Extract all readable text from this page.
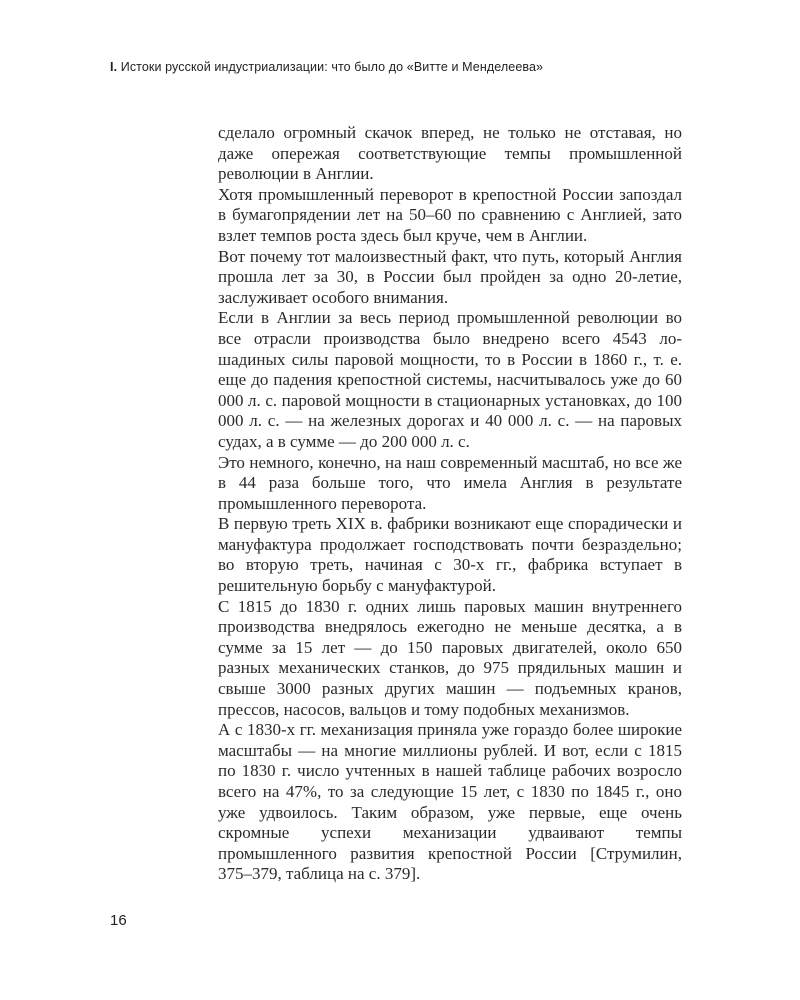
I. Истоки русской индустриализации: что было до «Витте и Менделеева»

сделало огромный скачок вперед, не только не отставая, но даже опережая соответствующие темпы промышленной революции в Англии.

Хотя промышленный переворот в крепостной России запоздал в бумагопрядении лет на 50–60 по сравнению с Англией, зато взлет темпов роста здесь был круче, чем в Англии.

Вот почему тот малоизвестный факт, что путь, который Англия прошла лет за 30, в России был пройден за одно 20-летие, заслуживает особого внимания.

Если в Англии за весь период промышленной революции во все отрасли производства было внедрено всего 4543 лошадиных силы паровой мощности, то в России в 1860 г., т. е. еще до падения крепостной системы, насчитывалось уже до 60 000 л. с. паровой мощности в стационарных установках, до 100 000 л. с. — на железных дорогах и 40 000 л. с. — на паровых судах, а в сумме — до 200 000 л. с.

Это немного, конечно, на наш современный масштаб, но все же в 44 раза больше того, что имела Англия в результате промышленного переворота.

В первую треть XIX в. фабрики возникают еще спорадически и мануфактура продолжает господствовать почти безраздельно; во вторую треть, начиная с 30-х гг., фабрика вступает в решительную борьбу с мануфактурой.

С 1815 до 1830 г. одних лишь паровых машин внутреннего производства внедрялось ежегодно не меньше десятка, а в сумме за 15 лет — до 150 паровых двигателей, около 650 разных механических станков, до 975 прядильных машин и свыше 3000 разных других машин — подъемных кранов, прессов, насосов, вальцов и тому подобных механизмов.

А с 1830-х гг. механизация приняла уже гораздо более широкие масштабы — на многие миллионы рублей. И вот, если с 1815 по 1830 г. число учтенных в нашей таблице рабочих возросло всего на 47%, то за следующие 15 лет, с 1830 по 1845 г., оно уже удвоилось. Таким образом, уже первые, еще очень скромные успехи механизации удваивают темпы промышленного развития крепостной России [Струмилин, 375–379, таблица на с. 379].

16
